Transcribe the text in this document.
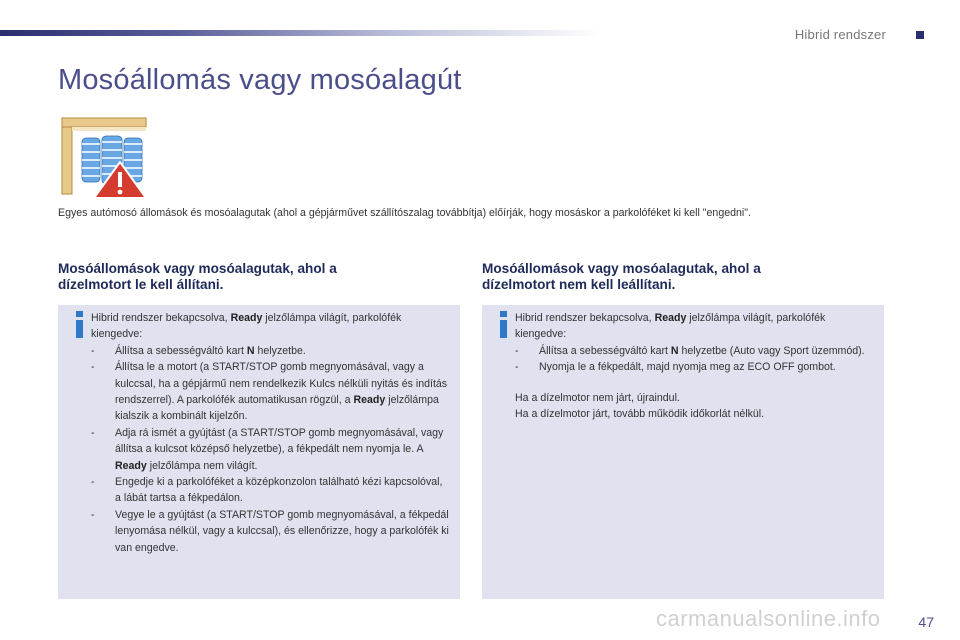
Hibrid rendszer
Mosóállomás vagy mosóalagút
Egyes autómosó állomások és mosóalagutak (ahol a gépjárművet szállítószalag továbbítja) előírják, hogy mosáskor a parkolóféket ki kell "engedni".
Mosóállomások vagy mosóalagutak, ahol a
dízelmotort le kell állítani.

Hibrid rendszer bekapcsolva, Ready jelzőlámpa világít, parkolófék kiengedve:

- Állítsa a sebességváltó kart N helyzetbe.

- Állítsa le a motort (a START/STOP gomb megnyomásával, vagy a kulccsal, ha a gépjármű nem rendelkezik Kulcs nélküli nyitás és indítás rendszerrel). A parkolófék automatikusan rögzül, a Ready jelzőlámpa kialszik a kombinált kijelzőn.

- Adja rá ismét a gyújtást (a START/STOP gomb megnyomásával, vagy állítsa a kulcsot középső helyzetbe), a fékpedált nem nyomja le. A Ready jelzőlámpa nem világít.

- Engedje ki a parkolóféket a középkonzolon található kézi kapcsolóval, a lábát tartsa a fékpedálon.

- Vegye le a gyújtást (a START/STOP gomb megnyomásával, a fékpedál lenyomása nélkül, vagy a kulccsal), és ellenőrizze, hogy a parkolófék ki van engedve.

Mosóállomások vagy mosóalagutak, ahol a
dízelmotort nem kell leállítani.

Hibrid rendszer bekapcsolva, Ready jelzőlámpa világít, parkolófék kiengedve:

- Állítsa a sebességváltó kart N helyzetbe (Auto vagy Sport üzemmód).

- Nyomja le a fékpedált, majd nyomja meg az ECO OFF gombot.

Ha a dízelmotor nem járt, újraindul.

Ha a dízelmotor járt, tovább működik időkorlát nélkül.

carmanualsonline.info	47
